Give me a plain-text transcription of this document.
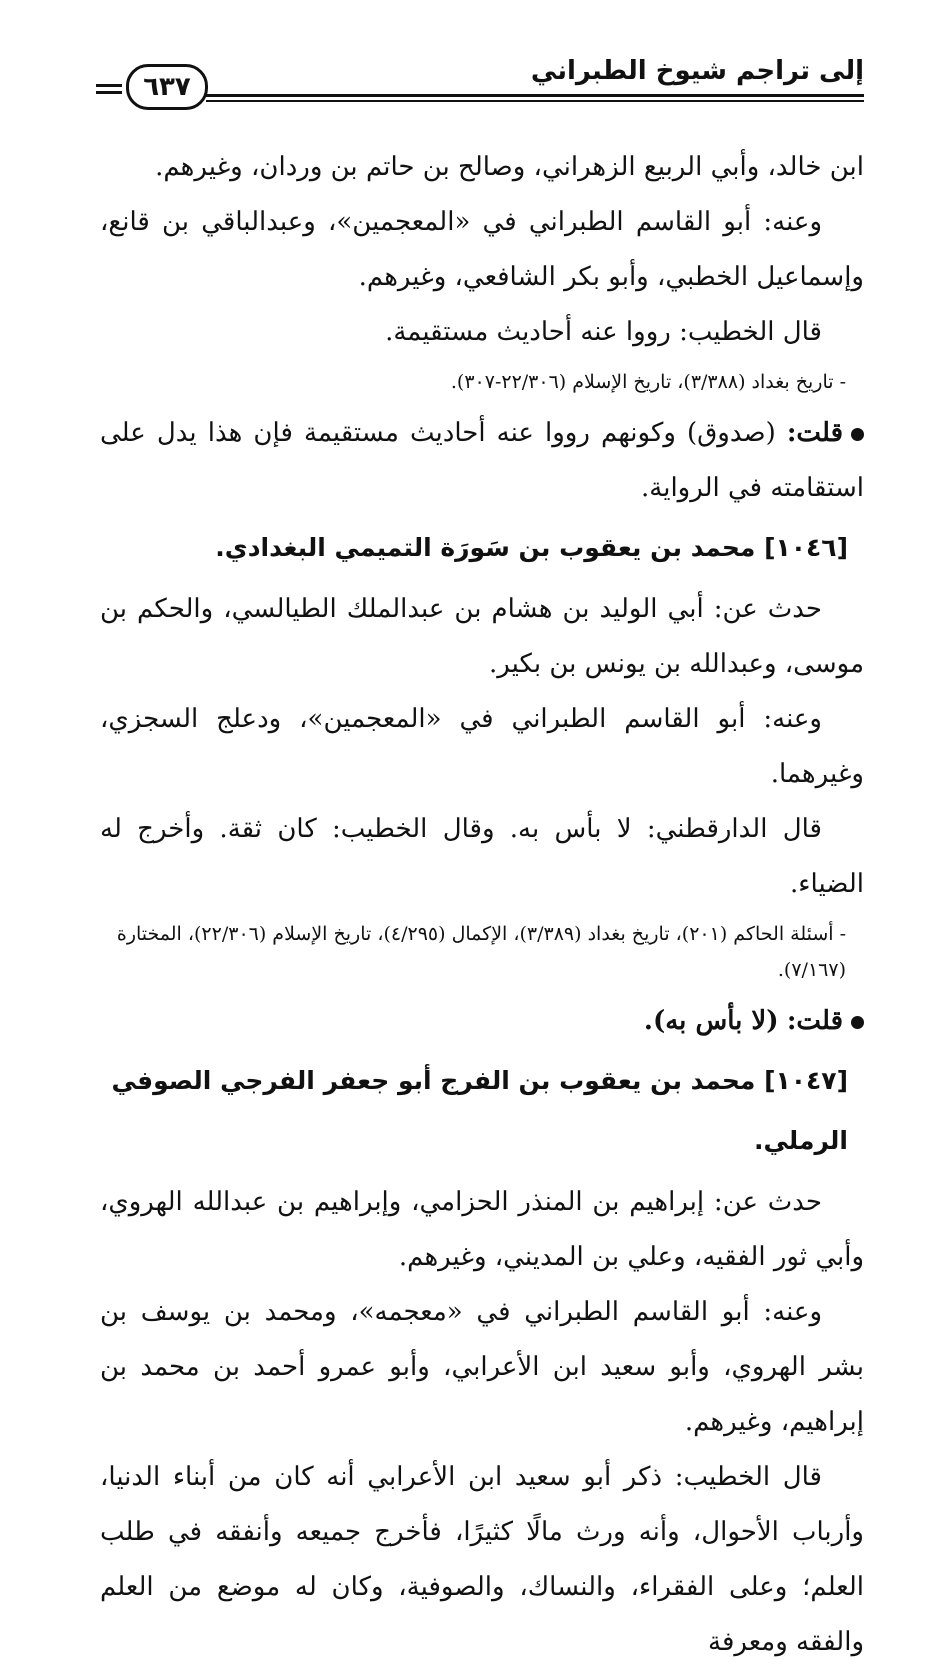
إلى تراجم شيوخ الطبراني
٦٣٧

ابن خالد، وأبي الربيع الزهراني، وصالح بن حاتم بن وردان، وغيرهم.

وعنه: أبو القاسم الطبراني في «المعجمين»، وعبدالباقي بن قانع، وإسماعيل الخطبي، وأبو بكر الشافعي، وغيرهم.

قال الخطيب: رووا عنه أحاديث مستقيمة.

- تاريخ بغداد (٣/٣٨٨)، تاريخ الإسلام (٢٢/٣٠٦-٣٠٧).

قلت: (صدوق) وكونهم رووا عنه أحاديث مستقيمة فإن هذا يدل على استقامته في الرواية.

[١٠٤٦] محمد بن يعقوب بن سَورَة التميمي البغدادي.

حدث عن: أبي الوليد بن هشام بن عبدالملك الطيالسي، والحكم بن موسى، وعبدالله بن يونس بن بكير.

وعنه: أبو القاسم الطبراني في «المعجمين»، ودعلج السجزي، وغيرهما.

قال الدارقطني: لا بأس به. وقال الخطيب: كان ثقة. وأخرج له الضياء.

- أسئلة الحاكم (٢٠١)، تاريخ بغداد (٣/٣٨٩)، الإكمال (٤/٢٩٥)، تاريخ الإسلام (٢٢/٣٠٦)، المختارة (٧/١٦٧).

قلت: (لا بأس به).

[١٠٤٧] محمد بن يعقوب بن الفرج أبو جعفر الفرجي الصوفي الرملي.

حدث عن: إبراهيم بن المنذر الحزامي، وإبراهيم بن عبدالله الهروي، وأبي ثور الفقيه، وعلي بن المديني، وغيرهم.

وعنه: أبو القاسم الطبراني في «معجمه»، ومحمد بن يوسف بن بشر الهروي، وأبو سعيد ابن الأعرابي، وأبو عمرو أحمد بن محمد بن إبراهيم، وغيرهم.

قال الخطيب: ذكر أبو سعيد ابن الأعرابي أنه كان من أبناء الدنيا، وأرباب الأحوال، وأنه ورث مالًا كثيرًا، فأخرج جميعه وأنفقه في طلب العلم؛ وعلى الفقراء، والنساك، والصوفية، وكان له موضع من العلم والفقه ومعرفة
